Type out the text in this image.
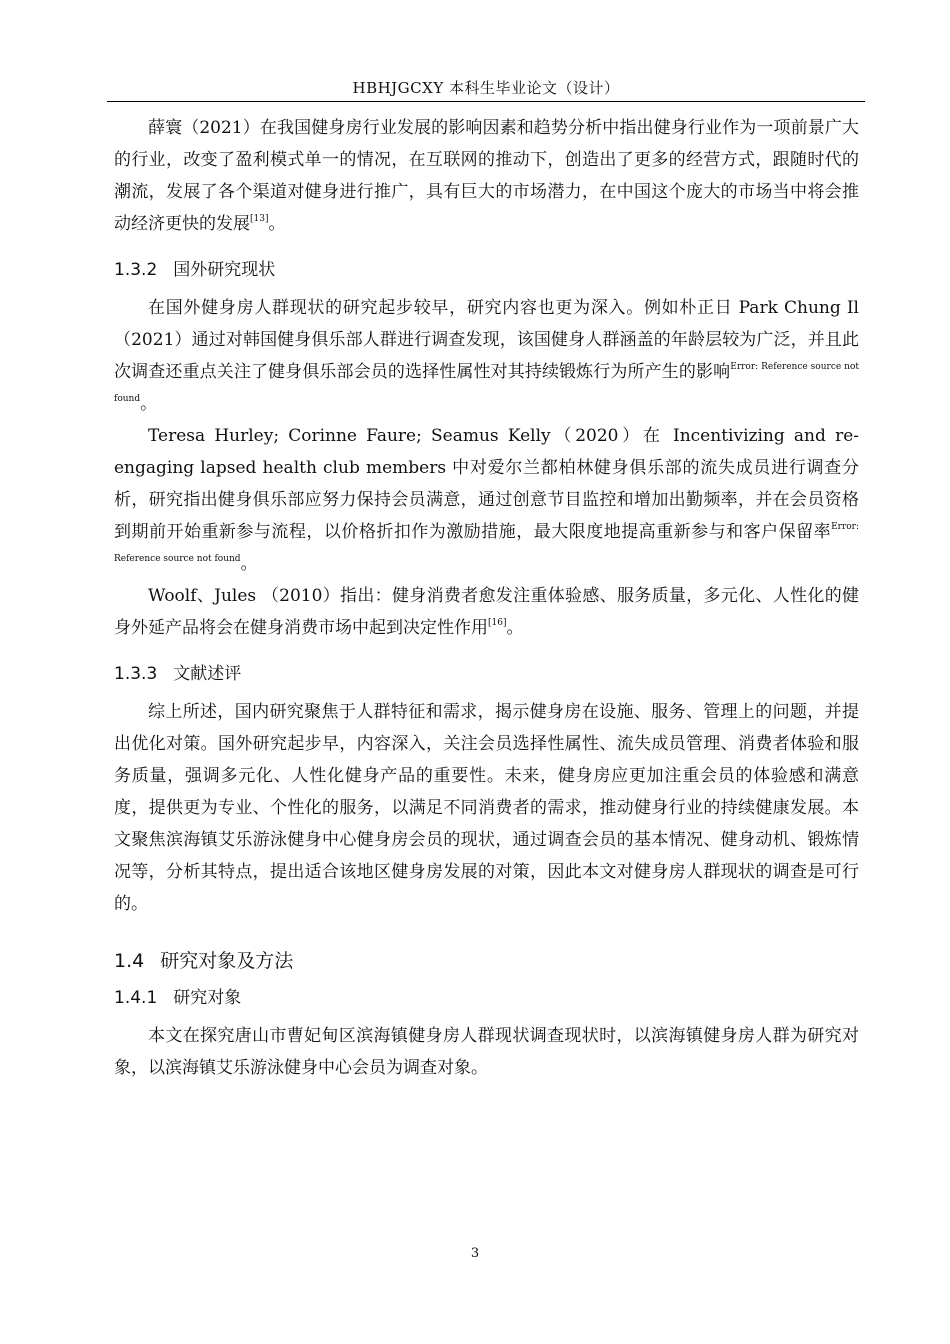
HBHJGCXY 本科生毕业论文（设计）

薛寰（2021）在我国健身房行业发展的影响因素和趋势分析中指出健身行业作为一项前景广大的行业，改变了盈利模式单一的情况，在互联网的推动下，创造出了更多的经营方式，跟随时代的潮流，发展了各个渠道对健身进行推广，具有巨大的市场潜力，在中国这个庞大的市场当中将会推动经济更快的发展[13]。

1.3.2 国外研究现状

在国外健身房人群现状的研究起步较早，研究内容也更为深入。例如朴正日 Park Chung Il（2021）通过对韩国健身俱乐部人群进行调查发现，该国健身人群涵盖的年龄层较为广泛，并且此次调查还重点关注了健身俱乐部会员的选择性属性对其持续锻炼行为所产生的影响$^{Error: Reference source not found}$。

Teresa Hurley; Corinne Faure; Seamus Kelly（2020）在 Incentivizing and re-engaging lapsed health club members 中对爱尔兰都柏林健身俱乐部的流失成员进行调查分析，研究指出健身俱乐部应努力保持会员满意，通过创意节目监控和增加出勤频率，并在会员资格到期前开始重新参与流程，以价格折扣作为激励措施，最大限度地提高重新参与和客户保留率$^{Error: Reference source not found}$。

Woolf、Jules （2010）指出：健身消费者愈发注重体验感、服务质量，多元化、人性化的健身外延产品将会在健身消费市场中起到决定性作用[16]。

1.3.3 文献述评

综上所述，国内研究聚焦于人群特征和需求，揭示健身房在设施、服务、管理上的问题，并提出优化对策。国外研究起步早，内容深入，关注会员选择性属性、流失成员管理、消费者体验和服务质量，强调多元化、人性化健身产品的重要性。未来，健身房应更加注重会员的体验感和满意度，提供更为专业、个性化的服务，以满足不同消费者的需求，推动健身行业的持续健康发展。本文聚焦滨海镇艾乐游泳健身中心健身房会员的现状，通过调查会员的基本情况、健身动机、锻炼情况等，分析其特点，提出适合该地区健身房发展的对策，因此本文对健身房人群现状的调查是可行的。

1.4 研究对象及方法
1.4.1 研究对象

本文在探究唐山市曹妃甸区滨海镇健身房人群现状调查现状时，以滨海镇健身房人群为研究对象，以滨海镇艾乐游泳健身中心会员为调查对象。

3
